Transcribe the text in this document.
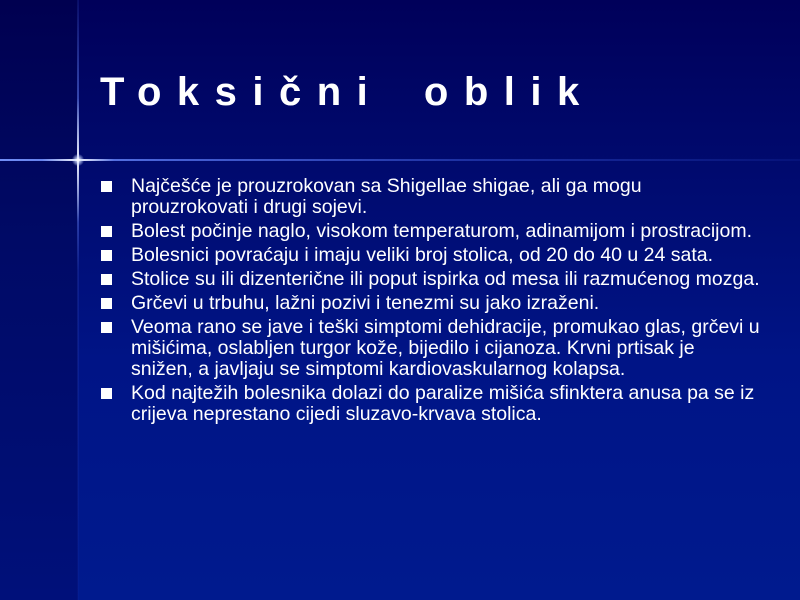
Toksični oblik
Najčešće je prouzrokovan sa Shigellae shigae, ali ga mogu prouzrokovati i drugi sojevi.
Bolest počinje naglo, visokom temperaturom, adinamijom i prostracijom.
Bolesnici povraćaju i imaju veliki broj stolica, od 20 do 40 u 24 sata.
Stolice su ili dizenterične ili poput ispirka od mesa ili razmućenog mozga.
Grčevi u trbuhu, lažni pozivi i tenezmi su jako izraženi.
Veoma rano se jave i teški simptomi dehidracije, promukao glas, grčevi u mišićima, oslabljen turgor kože, bijedilo i cijanoza. Krvni prtisak je snižen, a javljaju se simptomi kardiovaskularnog kolapsa.
Kod najtežih bolesnika dolazi do paralize mišića sfinktera anusa pa se iz crijeva neprestano cijedi sluzavo-krvava stolica.
